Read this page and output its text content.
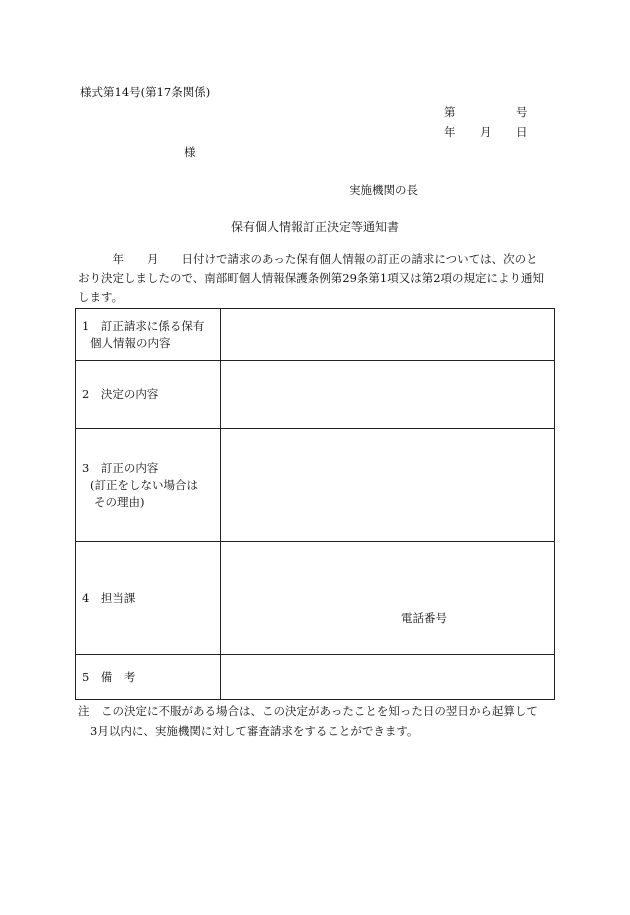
様式第14号(第17条関係)
第	号
年 月 日
様
実施機関の長
保有個人情報訂正決定等通知書
　　　年　　月　　日付けで請求のあった保有個人情報の訂正の請求については、次のと
おり決定しましたので、南部町個人情報保護条例第29条第1項又は第2項の規定により通知
します。
1　訂正請求に係る保有
個人情報の内容	

2　決定の内容	

3　訂正の内容
(訂正をしない場合は
その理由)	

4　担当課	電話番号

5　備　考	

注　この決定に不服がある場合は、この決定があったことを知った日の翌日から起算して
3月以内に、実施機関に対して審査請求をすることができます。
